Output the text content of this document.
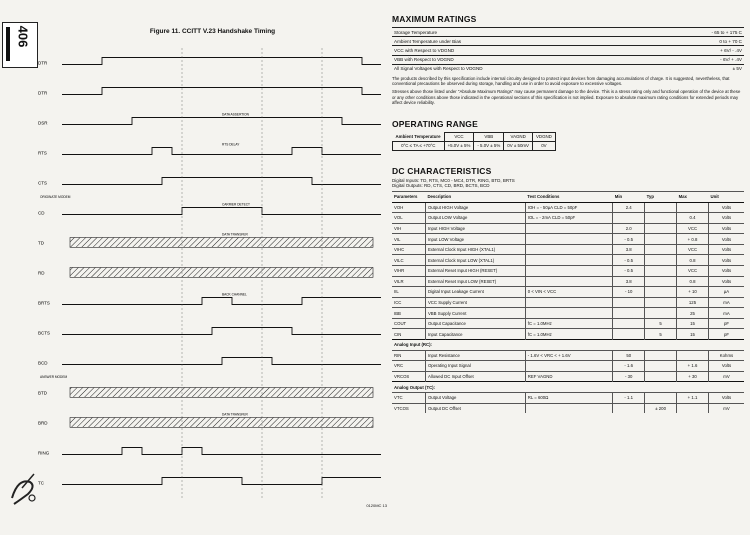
406	Figure 11. CCITT V.23 Handshake Timing
DTR
DTR
DSR
DATA ASSERTION
RTS
RTS DELAY
CTS
CD
CARRIER DETECT
TD
DATA TRANSFER
RD
BRTS
BACK CHANNEL
BCTS
BCD
BTD
BRD
DATA TRANSFER
RING
TC
ORIGINATE MODEM
ANSWER MODEM
0120MC 13
MAXIMUM RATINGS
Storage Temperature	- 65 to + 175 C
Ambient Temperature under Bias	0 to + 70 C
VCC with Respect to VDGND	+ 6V/ - .4V
VBB with Respect to VDGND	- 6V/ + .4V
All Signal Voltages with Respect to VDGND	± 5V

The products described by this specification include internal circuitry designed to protect input devices from damaging accumulations of charge. It is suggested, nevertheless, that conventional precautions be observed during storage, handling and use in order to avoid exposure to excessive voltages.

Stresses above those listed under "Absolute Maximum Ratings" may cause permanent damage to the device. This is a stress rating only and functional operation of the device at these or any other conditions above those indicated in the operational sections of this specification is not implied. Exposure to absolute maximum rating conditions for extended periods may affect device reliability.

OPERATING RANGE
Ambient Temperature	VCC	VBB	VAGND	VDGND
0°C ≤ TA ≤ +70°C	+5.0V ± 5%	- 5.0V ± 5%	0V ± 50mV	0V
DC CHARACTERISTICS
Digital Inputs: TD, RTS, MC0 - MC4, DTR, RING, BTD, BRTS
Digital Outputs: RD, CTS, CD, BRD, BCTS, BCD
Parameters	Description	Test Conditions	Min	Typ	Max	Unit
VOH	Output HIGH Voltage	IOH = - 50µA CLD = 50pF	2.4			Volts
VOL	Output LOW Voltage	IOL = - 2mA CLD = 50pF			0.4	Volts
VIH	Input HIGH Voltage		2.0		VCC	Volts
VIL	Input LOW Voltage		- 0.5		+ 0.8	Volts
VIHC	External Clock Input HIGH (XTAL1)		3.8		VCC	Volts
VILC	External Clock Input LOW (XTAL1)		- 0.5		0.8	Volts
VIHR	External Reset Input HIGH (RESET)		- 0.5		VCC	Volts
VILR	External Reset Input LOW (RESET)		3.8		0.8	Volts
IIL	Digital Input Leakage Current	0 < VIN < VCC	- 10		+ 10	µA
ICC	VCC Supply Current				125	mA
IBB	VBB Supply Current				25	mA
COUT	Output Capacitance	fC = 1.0MHz		5	15	pF
CIN	Input Capacitance	fC = 1.0MHz		5	15	pF
Analog Input (RC):						
RIN	Input Resistance	- 1.6V < VRC < + 1.6V	50			Kohms
VRC	Operating Input Signal		- 1.6		+ 1.6	Volts
VRCOS	Allowed DC Input Offset	REF VAGND	- 30		+ 30	mV
Analog Output (TC):						
VTC	Output Voltage	RL = 600Ω	- 1.1		+ 1.1	Volts
VTCOS	Output DC Offset			± 200		mV
